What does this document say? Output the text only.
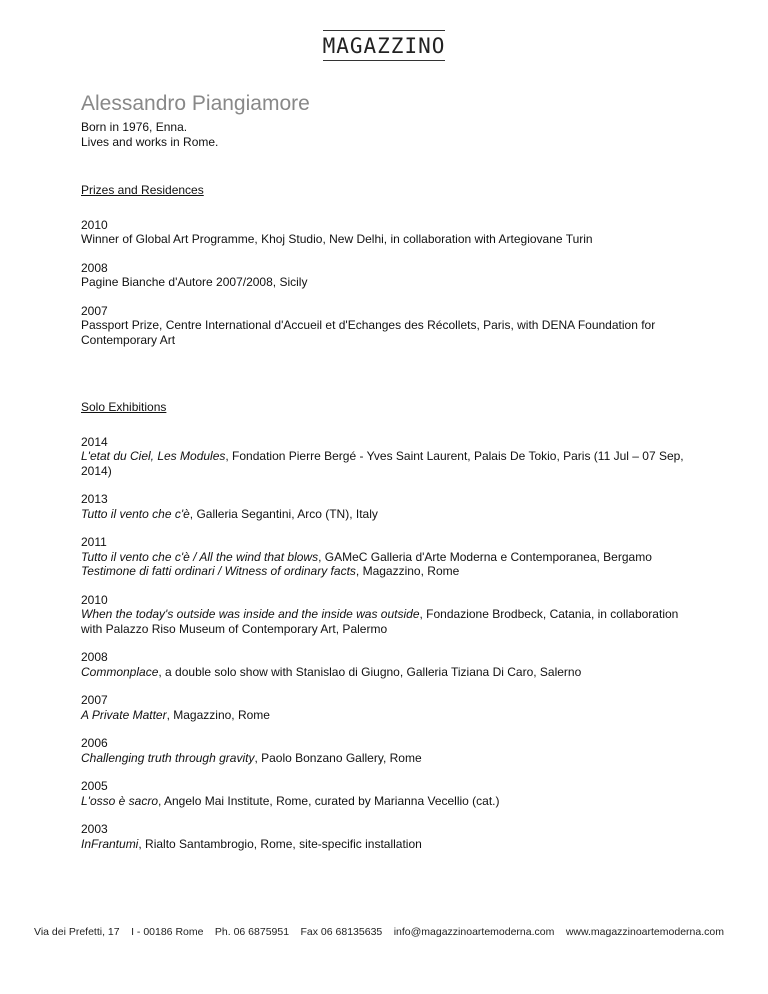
MAGAZZINO
Alessandro Piangiamore
Born in 1976, Enna.
Lives and works in Rome.
Prizes and Residences
2010
Winner of Global Art Programme, Khoj Studio, New Delhi, in collaboration with Artegiovane Turin
2008
Pagine Bianche d'Autore 2007/2008, Sicily
2007
Passport Prize, Centre International d'Accueil et d'Echanges des Récollets, Paris, with DENA Foundation for Contemporary Art
Solo Exhibitions
2014
L'etat du Ciel, Les Modules, Fondation Pierre Bergé - Yves Saint Laurent, Palais De Tokio, Paris (11 Jul – 07 Sep, 2014)
2013
Tutto il vento che c'è, Galleria Segantini, Arco (TN), Italy
2011
Tutto il vento che c'è / All the wind that blows, GAMeC Galleria d'Arte Moderna e Contemporanea, Bergamo
Testimone di fatti ordinari / Witness of ordinary facts, Magazzino, Rome
2010
When the today's outside was inside and the inside was outside, Fondazione Brodbeck, Catania, in collaboration with Palazzo Riso Museum of Contemporary Art, Palermo
2008
Commonplace, a double solo show with Stanislao di Giugno, Galleria Tiziana Di Caro, Salerno
2007
A Private Matter, Magazzino, Rome
2006
Challenging truth through gravity, Paolo Bonzano Gallery, Rome
2005
L'osso è sacro, Angelo Mai Institute, Rome, curated by Marianna Vecellio (cat.)
2003
InFrantumi, Rialto Santambrogio, Rome, site-specific installation
Via dei Prefetti, 17 I - 00186 Rome Ph. 06 6875951 Fax 06 68135635 info@magazzinoartemoderna.com www.magazzinoartemoderna.com
